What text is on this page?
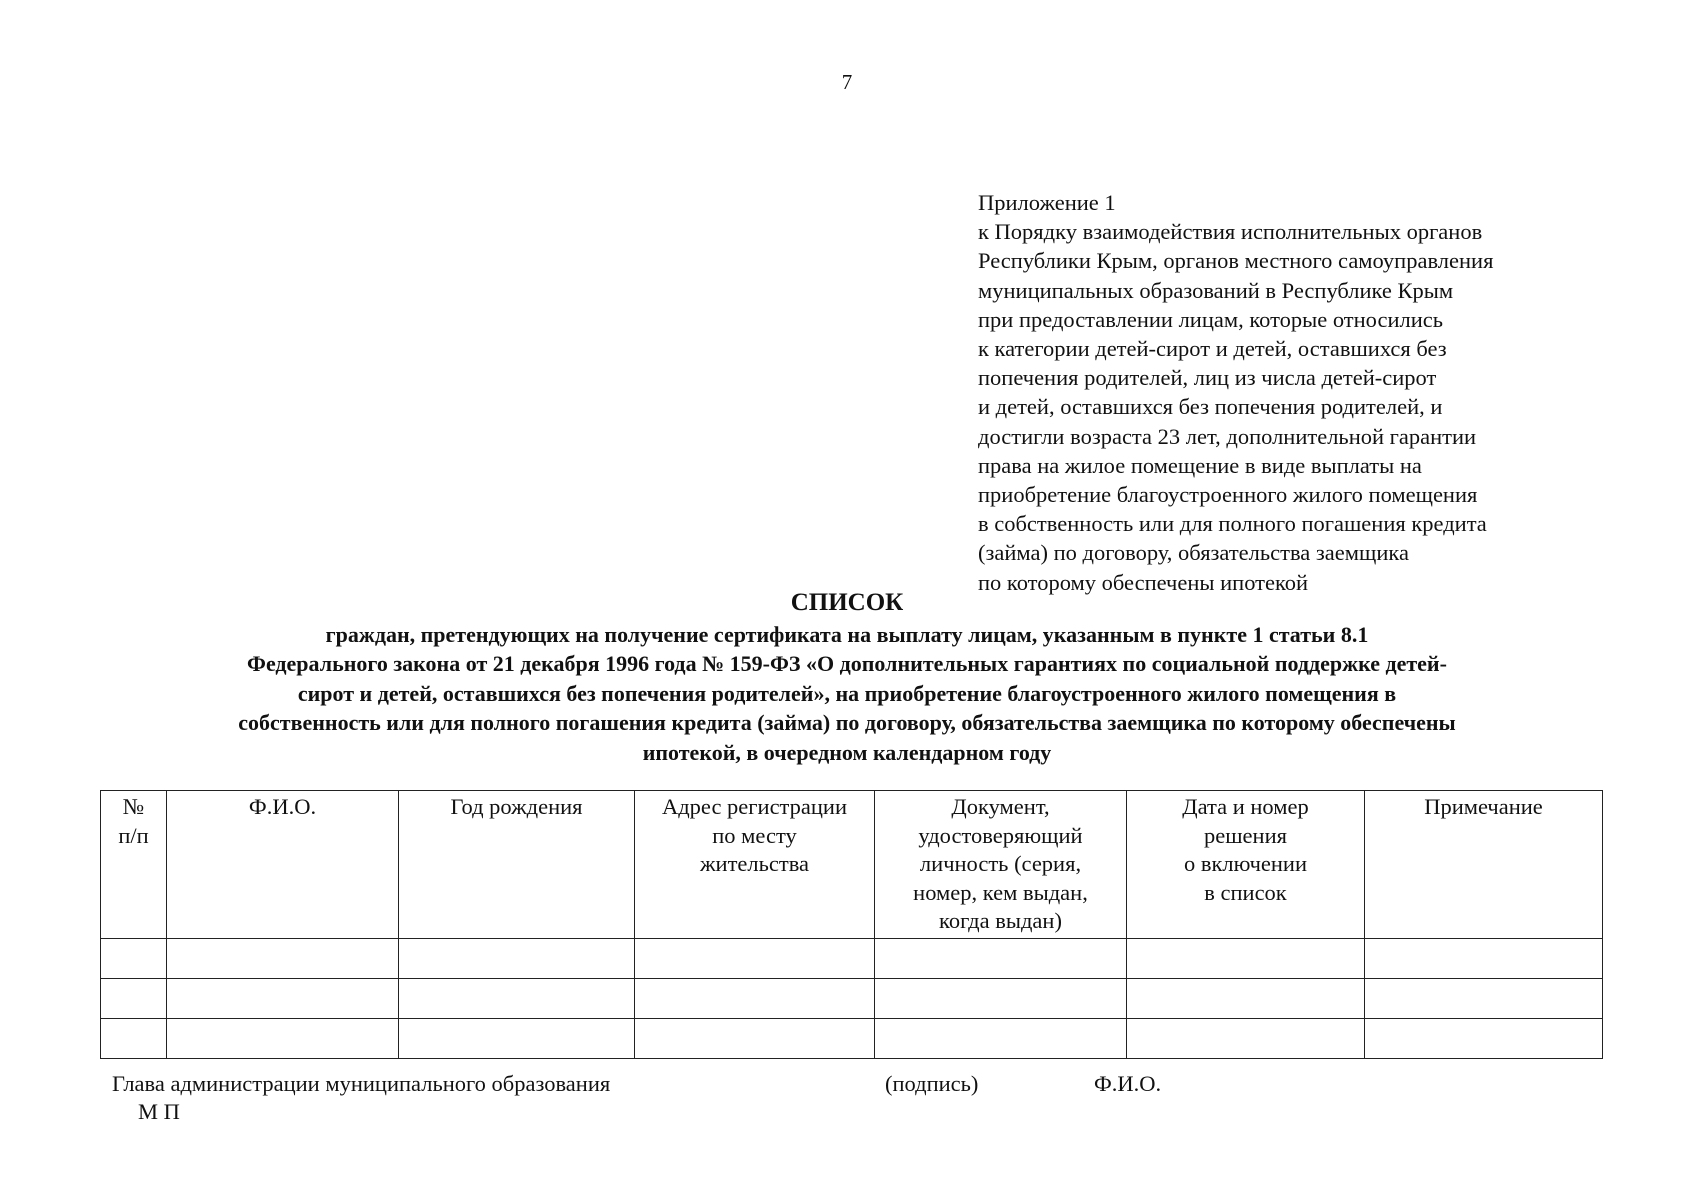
7
Приложение 1
к Порядку взаимодействия исполнительных органов
Республики Крым, органов местного самоуправления
муниципальных образований в Республике Крым
при предоставлении лицам, которые относились
к категории детей-сирот и детей, оставшихся без
попечения родителей, лиц из числа детей-сирот
и детей, оставшихся без попечения родителей, и
достигли возраста 23 лет, дополнительной гарантии
права на жилое помещение в виде выплаты на
приобретение благоустроенного жилого помещения
в собственность или для полного погашения кредита
(займа) по договору, обязательства заемщика
по которому обеспечены ипотекой
СПИСОК
граждан, претендующих на получение сертификата на выплату лицам, указанным в пункте 1 статьи 8.1
Федерального закона от 21 декабря 1996 года № 159-ФЗ «О дополнительных гарантиях по социальной поддержке детей-
сирот и детей, оставшихся без попечения родителей», на приобретение благоустроенного жилого помещения в
собственность или для полного погашения кредита (займа) по договору, обязательства заемщика по которому обеспечены
ипотекой, в очередном календарном году
№
п/п	Ф.И.О.	Год рождения	Адрес регистрации
по месту
жительства	Документ,
удостоверяющий
личность (серия,
номер, кем выдан,
когда выдан)	Дата и номер
решения
о включении
в список	Примечание

Глава администрации муниципального образования	(подпись)	Ф.И.О.
М П
